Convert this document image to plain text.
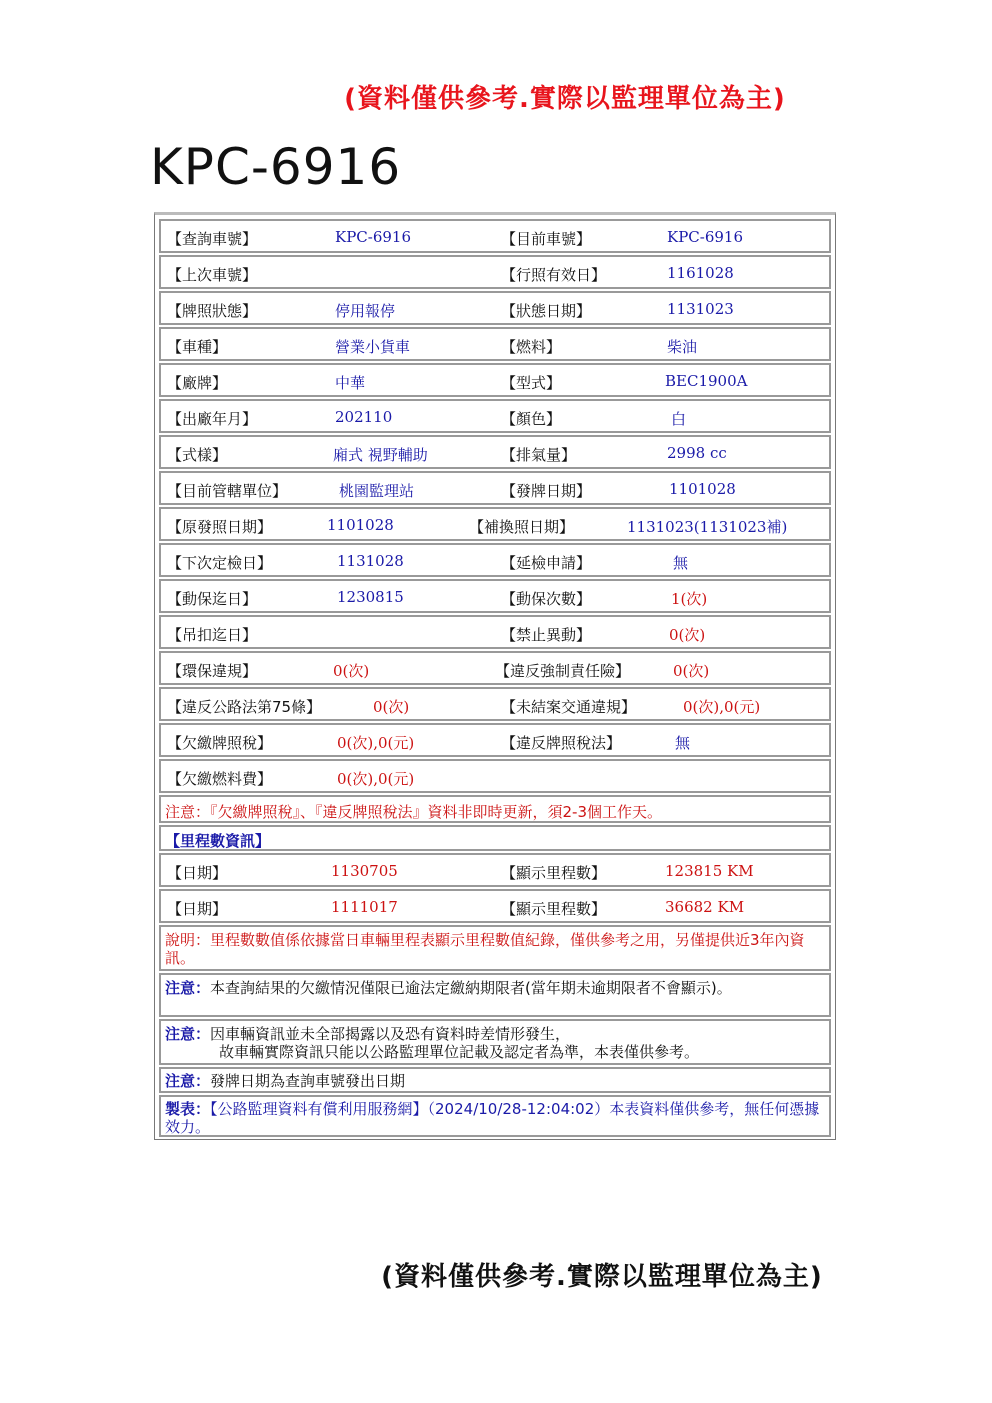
(資料僅供參考.實際以監理單位為主)
KPC-6916
【查詢車號】	KPC-6916	【目前車號】	KPC-6916
【上次車號】	【行照有效日】	1161028
【牌照狀態】	停用報停	【狀態日期】	1131023
【車種】	營業小貨車	【燃料】	柴油
【廠牌】	中華	【型式】	BEC1900A
【出廠年月】	202110	【顏色】	白
【式樣】	廂式 視野輔助	【排氣量】	2998 cc
【目前管轄單位】	桃園監理站	【發牌日期】	1101028
【原發照日期】	1101028	【補換照日期】	1131023(1131023補)
【下次定檢日】	1131028	【延檢申請】	無
【動保迄日】	1230815	【動保次數】	1(次)
【吊扣迄日】	【禁止異動】	0(次)
【環保違規】	0(次)	【違反強制責任險】	0(次)
【違反公路法第75條】	0(次)	【未結案交通違規】	0(次),0(元)
【欠繳牌照稅】	0(次),0(元)	【違反牌照稅法】	無
【欠繳燃料費】	0(次),0(元)
注意：『欠繳牌照稅』、『違反牌照稅法』資料非即時更新，須2-3個工作天。
【里程數資訊】
【日期】	1130705	【顯示里程數】	123815 KM
【日期】	1111017	【顯示里程數】	36682 KM
說明：里程數數值係依據當日車輛里程表顯示里程數值紀錄，僅供參考之用，另僅提供近3年內資訊。
注意：本查詢結果的欠繳情況僅限已逾法定繳納期限者(當年期未逾期限者不會顯示)。
注意：因車輛資訊並未全部揭露以及恐有資料時差情形發生，
故車輛實際資訊只能以公路監理單位記載及認定者為準，本表僅供參考。
注意：發牌日期為查詢車號發出日期
製表：【公路監理資料有償利用服務網】（2024/10/28-12:04:02）本表資料僅供參考，無任何憑據效力。
(資料僅供參考.實際以監理單位為主)
